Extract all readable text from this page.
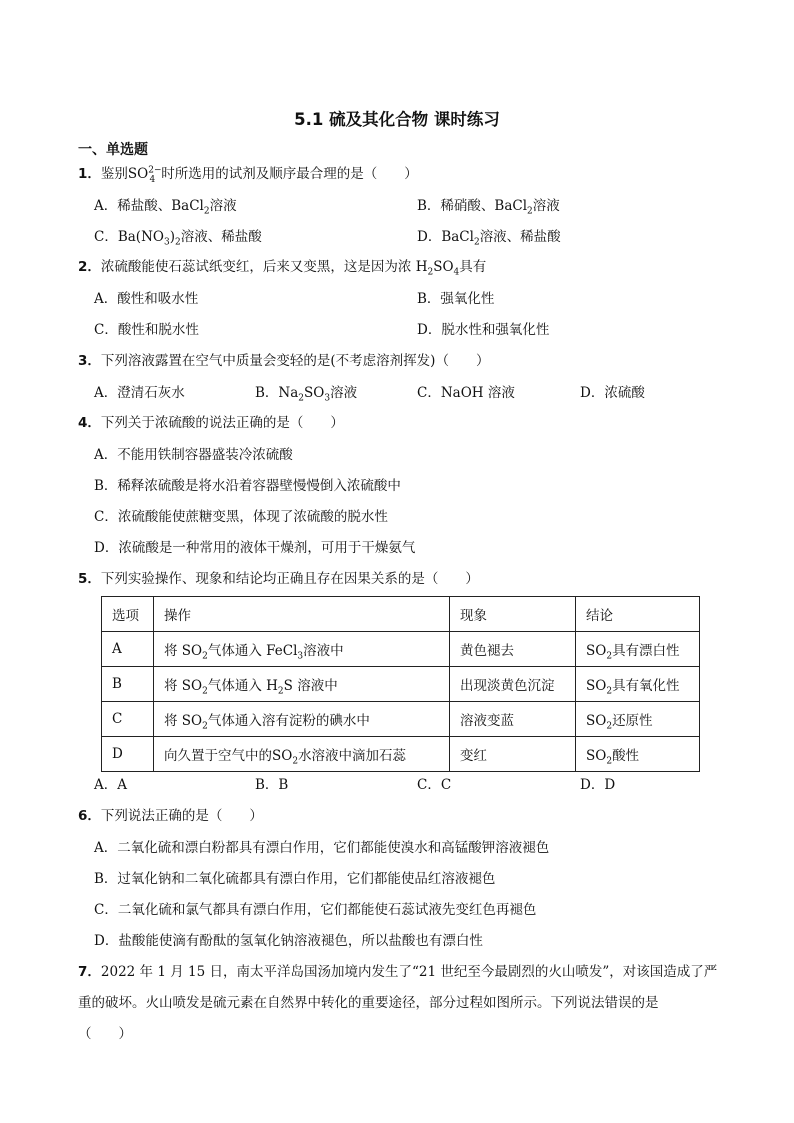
5.1 硫及其化合物 课时练习
一、单选题
1．鉴别$SO^{2-}_4$ 时所选用的试剂及顺序最合理的是（　　）
A．稀盐酸、BaCl$_2$溶液	B．稀硝酸、BaCl$_2$溶液
C．$Ba(NO_3)_2$溶液、稀盐酸	D．BaCl$_2$溶液、稀盐酸
2．浓硫酸能使石蕊试纸变红，后来又变黑，这是因为浓 $H_2SO_4$具有
A．酸性和吸水性	B．强氧化性
C．酸性和脱水性	D．脱水性和强氧化性
3．下列溶液露置在空气中质量会变轻的是(不考虑溶剂挥发)（　　）
A．澄清石灰水	B．$Na_2SO_3$溶液	C．NaOH 溶液	D．浓硫酸
4．下列关于浓硫酸的说法正确的是（　　）
A．不能用铁制容器盛装冷浓硫酸
B．稀释浓硫酸是将水沿着容器壁慢慢倒入浓硫酸中
C．浓硫酸能使蔗糖变黑，体现了浓硫酸的脱水性
D．浓硫酸是一种常用的液体干燥剂，可用于干燥氨气
5．下列实验操作、现象和结论均正确且存在因果关系的是（　　）
选项	操作	现象	结论
A	将 $SO_2$气体通入 FeCl$_3$溶液中	黄色褪去	$SO_2$具有漂白性
B	将 $SO_2$气体通入 $H_2S$ 溶液中	出现淡黄色沉淀	$SO_2$具有氧化性
C	将 $SO_2$气体通入溶有淀粉的碘水中	溶液变蓝	$SO_2$还原性
D	向久置于空气中的$SO_2$水溶液中滴加石蕊	变红	$SO_2$酸性
A．A	B．B	C．C	D．D
6．下列说法正确的是（　　）
A．二氧化硫和漂白粉都具有漂白作用，它们都能使溴水和高锰酸钾溶液褪色
B．过氧化钠和二氧化硫都具有漂白作用，它们都能使品红溶液褪色
C．二氧化硫和氯气都具有漂白作用，它们都能使石蕊试液先变红色再褪色
D．盐酸能使滴有酚酞的氢氧化钠溶液褪色，所以盐酸也有漂白性
7．2022 年 1 月 15 日，南太平洋岛国汤加境内发生了“21 世纪至今最剧烈的火山喷发”，对该国造成了严
重的破坏。火山喷发是硫元素在自然界中转化的重要途径，部分过程如图所示。下列说法错误的是
（　　）
